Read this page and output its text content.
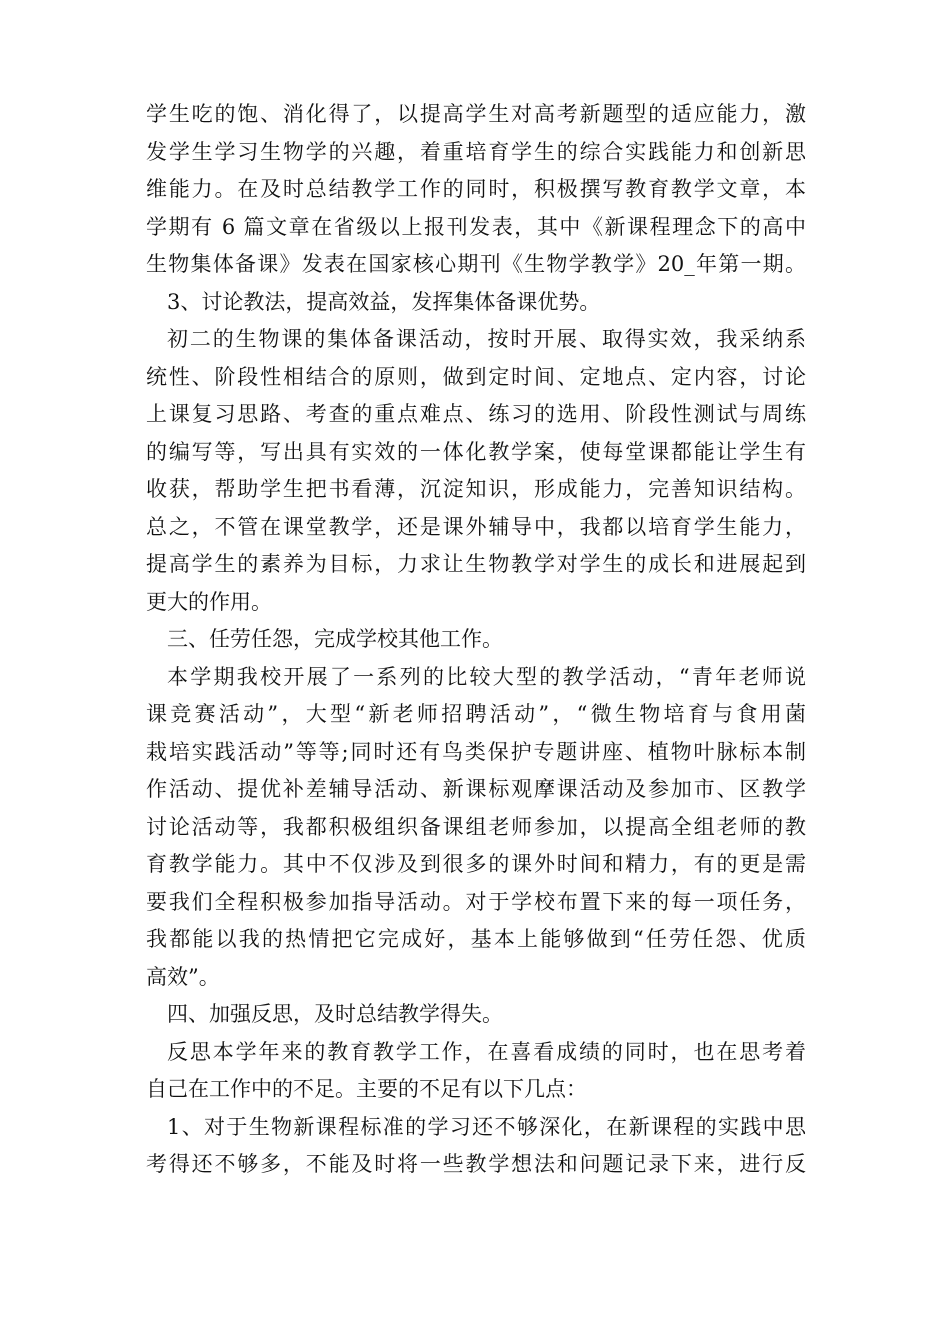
学生吃的饱、消化得了，以提高学生对高考新题型的适应能力，激
发学生学习生物学的兴趣，着重培育学生的综合实践能力和创新思
维能力。在及时总结教学工作的同时，积极撰写教育教学文章，本
学期有 6 篇文章在省级以上报刊发表，其中《新课程理念下的高中
生物集体备课》发表在国家核心期刊《生物学教学》20_年第一期。
3、讨论教法，提高效益，发挥集体备课优势。
初二的生物课的集体备课活动，按时开展、取得实效，我采纳系
统性、阶段性相结合的原则，做到定时间、定地点、定内容，讨论
上课复习思路、考查的重点难点、练习的选用、阶段性测试与周练
的编写等，写出具有实效的一体化教学案，使每堂课都能让学生有
收获，帮助学生把书看薄，沉淀知识，形成能力，完善知识结构。
总之，不管在课堂教学，还是课外辅导中，我都以培育学生能力，
提高学生的素养为目标，力求让生物教学对学生的成长和进展起到
更大的作用。
三、任劳任怨，完成学校其他工作。
本学期我校开展了一系列的比较大型的教学活动，“青年老师说
课竞赛活动”，大型“新老师招聘活动”，“微生物培育与食用菌
栽培实践活动”等等;同时还有鸟类保护专题讲座、植物叶脉标本制
作活动、提优补差辅导活动、新课标观摩课活动及参加市、区教学
讨论活动等，我都积极组织备课组老师参加，以提高全组老师的教
育教学能力。其中不仅涉及到很多的课外时间和精力，有的更是需
要我们全程积极参加指导活动。对于学校布置下来的每一项任务，
我都能以我的热情把它完成好，基本上能够做到“任劳任怨、优质
高效”。
四、加强反思，及时总结教学得失。
反思本学年来的教育教学工作，在喜看成绩的同时，也在思考着
自己在工作中的不足。主要的不足有以下几点：
1、对于生物新课程标准的学习还不够深化，在新课程的实践中思
考得还不够多，不能及时将一些教学想法和问题记录下来，进行反
